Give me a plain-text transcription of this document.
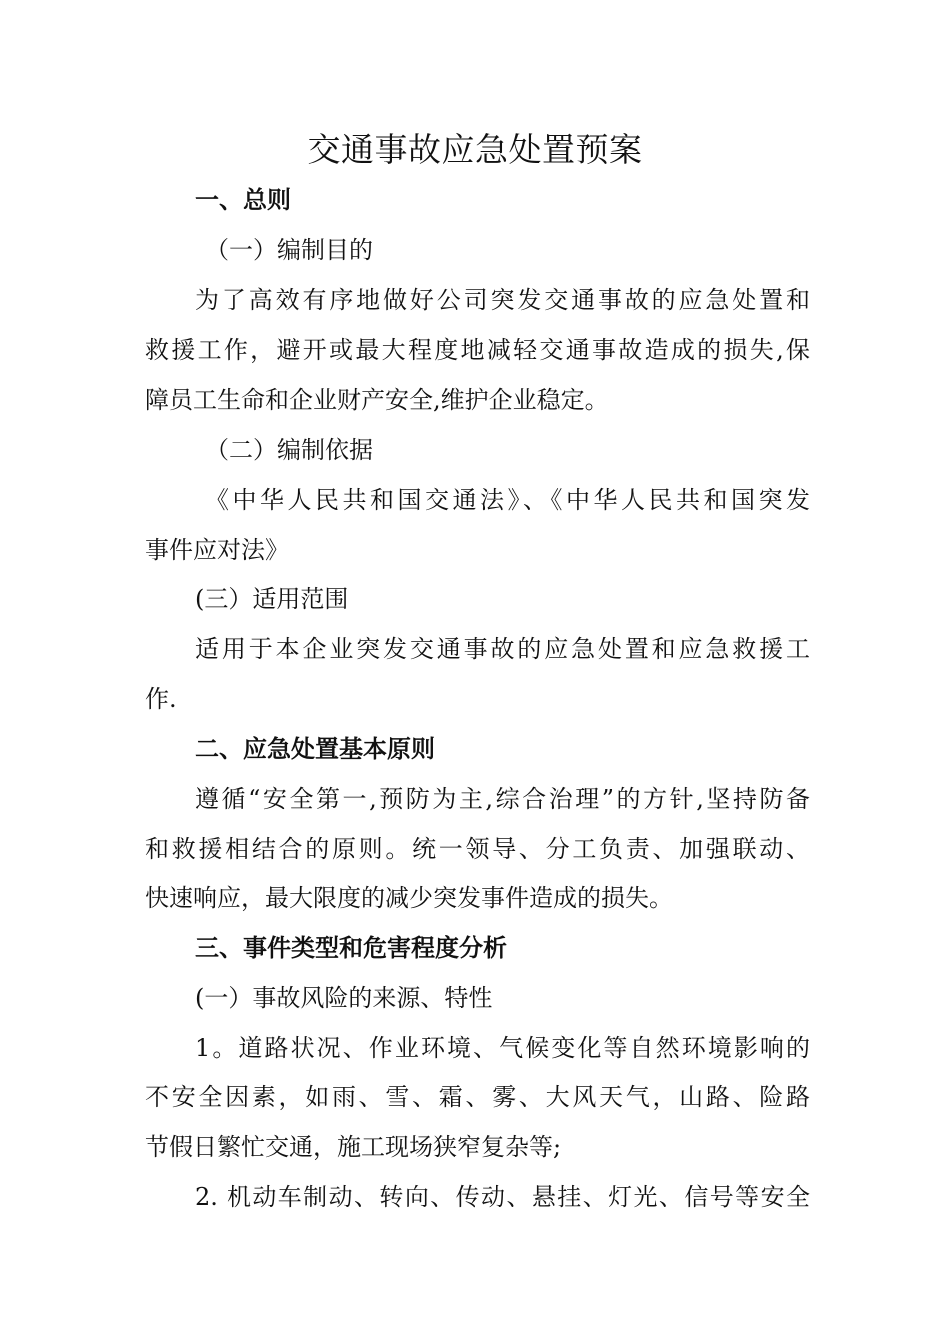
交通事故应急处置预案
一、总则
（一）编制目的
为了高效有序地做好公司突发交通事故的应急处置和
救援工作，避开或最大程度地减轻交通事故造成的损失,保
障员工生命和企业财产安全,维护企业稳定。
（二）编制依据
《中华人民共和国交通法》、《中华人民共和国突发
事件应对法》
(三）适用范围
适用于本企业突发交通事故的应急处置和应急救援工
作.
二、应急处置基本原则
遵循“安全第一,预防为主,综合治理”的方针,坚持防备
和救援相结合的原则。统一领导、分工负责、加强联动、
快速响应，最大限度的减少突发事件造成的损失。
三、事件类型和危害程度分析
(一）事故风险的来源、特性
1。道路状况、作业环境、气候变化等自然环境影响的
不安全因素，如雨、雪、霜、雾、大风天气，山路、险路
节假日繁忙交通，施工现场狭窄复杂等;
2. 机动车制动、转向、传动、悬挂、灯光、信号等安全
